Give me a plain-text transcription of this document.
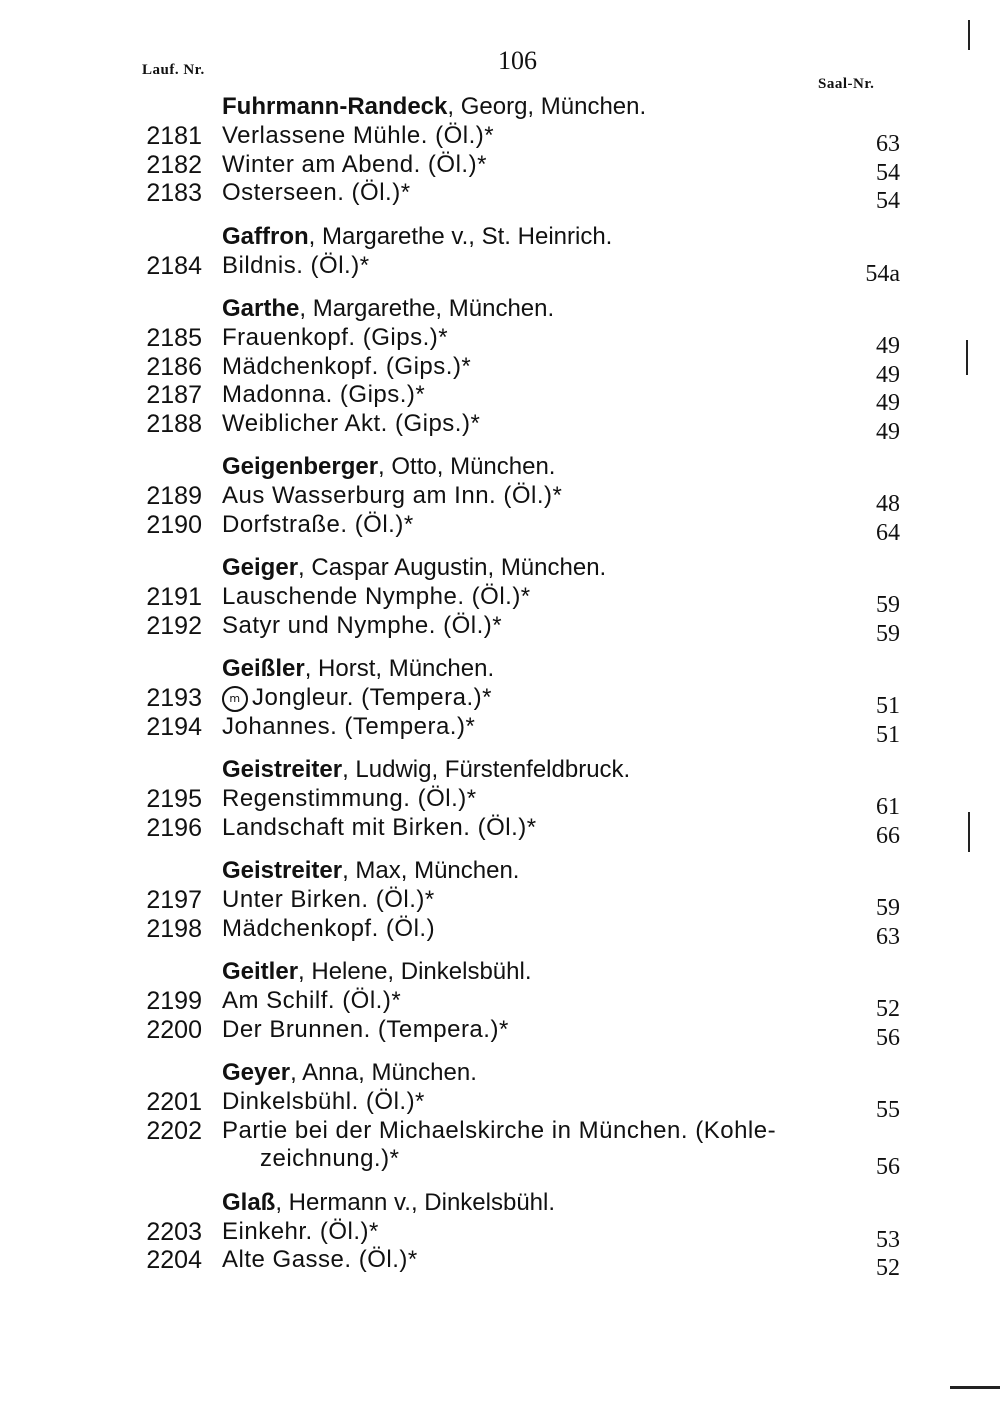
Lauf. Nr.	106
Saal-Nr.
Fuhrmann-Randeck, Georg, München.
2181 Verlassene Mühle. (Öl.)*	63
2182 Winter am Abend. (Öl.)*	54
2183 Osterseen. (Öl.)*	54
Gaffron, Margarethe v., St. Heinrich.
2184 Bildnis. (Öl.)*	54a
Garthe, Margarethe, München.
2185 Frauenkopf. (Gips.)*	49
2186 Mädchenkopf. (Gips.)*	49
2187 Madonna. (Gips.)*	49
2188 Weiblicher Akt. (Gips.)*	49
Geigenberger, Otto, München.
2189 Aus Wasserburg am Inn. (Öl.)*	48
2190 Dorfstraße. (Öl.)*	64
Geiger, Caspar Augustin, München.
2191 Lauschende Nymphe. (Öl.)*	59
2192 Satyr und Nymphe. (Öl.)*	59
Geißler, Horst, München.
2193	m Jongleur. (Tempera.)*	51
2194 Johannes. (Tempera.)*	51
Geistreiter, Ludwig, Fürstenfeldbruck.
2195 Regenstimmung. (Öl.)*	61
2196 Landschaft mit Birken. (Öl.)*	66
Geistreiter, Max, München.
2197 Unter Birken. (Öl.)*	59
2198 Mädchenkopf. (Öl.)	63
Geitler, Helene, Dinkelsbühl.
2199 Am Schilf. (Öl.)*	52
2200 Der Brunnen. (Tempera.)*	56
Geyer, Anna, München.
2201 Dinkelsbühl. (Öl.)*	55
2202 Partie bei der Michaelskirche in München. (Kohle-
zeichnung.)*	56
Glaß, Hermann v., Dinkelsbühl.
2203 Einkehr. (Öl.)*	53
2204 Alte Gasse. (Öl.)*	52
